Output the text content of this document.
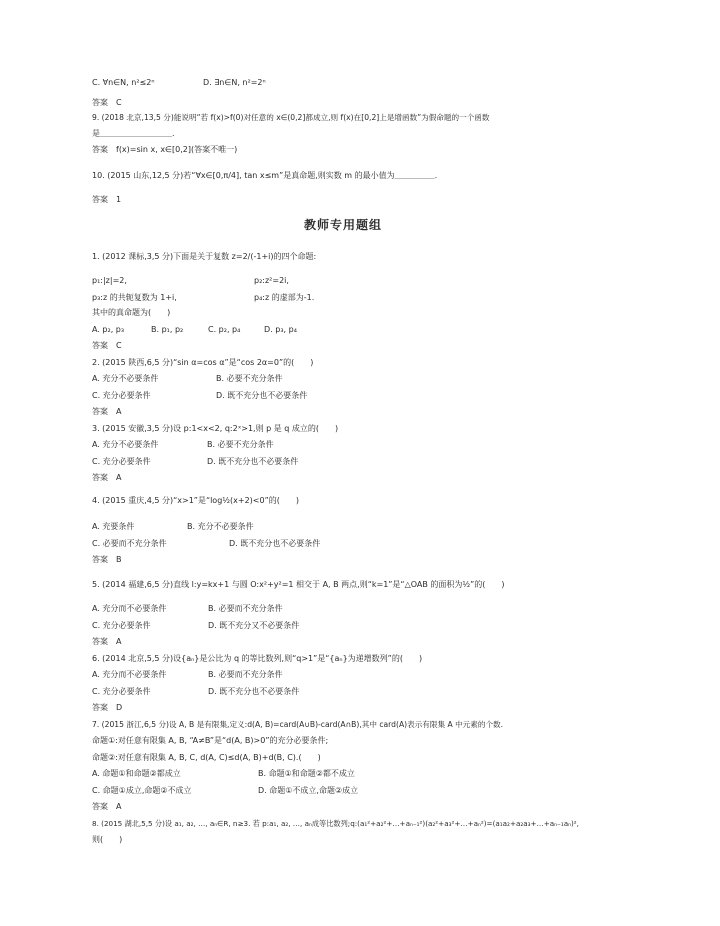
C. ∀n∈N, n²≤2ⁿ	D. ∃n∈N, n²=2ⁿ
答案　C
9. (2018 北京,13,5 分)能说明“若 f(x)>f(0)对任意的 x∈(0,2]都成立,则 f(x)在[0,2]上是增函数”为假命题的一个函数
是＿＿＿＿＿＿＿＿＿.
答案　f(x)=sin x, x∈[0,2](答案不唯一)
10. (2015 山东,12,5 分)若“∀x∈[0,π/4], tan x≤m”是真命题,则实数 m 的最小值为＿＿＿＿＿.
答案　1
教师专用题组
1. (2012 课标,3,5 分)下面是关于复数 z=2/(-1+i)的四个命题:
p₁:|z|=2,	p₂:z²=2i,
p₃:z 的共轭复数为 1+i,	p₄:z 的虚部为-1.
其中的真命题为(　　)
A. p₂, p₃	B. p₁, p₂	C. p₂, p₄	D. p₃, p₄
答案　C
2. (2015 陕西,6,5 分)“sin α=cos α”是“cos 2α=0”的(　　)
A. 充分不必要条件	B. 必要不充分条件
C. 充分必要条件	D. 既不充分也不必要条件
答案　A
3. (2015 安徽,3,5 分)设 p:1<x<2, q:2ˣ>1,则 p 是 q 成立的(　　)
A. 充分不必要条件	B. 必要不充分条件
C. 充分必要条件	D. 既不充分也不必要条件
答案　A
4. (2015 重庆,4,5 分)“x>1”是“log½(x+2)<0”的(　　)
A. 充要条件	B. 充分不必要条件
C. 必要而不充分条件	D. 既不充分也不必要条件
答案　B
5. (2014 福建,6,5 分)直线 l:y=kx+1 与圆 O:x²+y²=1 相交于 A, B 两点,则“k=1”是“△OAB 的面积为½”的(　　)
A. 充分而不必要条件	B. 必要而不充分条件
C. 充分必要条件	D. 既不充分又不必要条件
答案　A
6. (2014 北京,5,5 分)设{aₙ}是公比为 q 的等比数列,则“q>1”是“{aₙ}为递增数列”的(　　)
A. 充分而不必要条件	B. 必要而不充分条件
C. 充分必要条件	D. 既不充分也不必要条件
答案　D
7. (2015 浙江,6,5 分)设 A, B 是有限集,定义:d(A, B)=card(A∪B)-card(A∩B),其中 card(A)表示有限集 A 中元素的个数.
命题①:对任意有限集 A, B, “A≠B”是“d(A, B)>0”的充分必要条件;
命题②:对任意有限集 A, B, C, d(A, C)≤d(A, B)+d(B, C).(　　)
A. 命题①和命题②都成立	B. 命题①和命题②都不成立
C. 命题①成立,命题②不成立	D. 命题①不成立,命题②成立
答案　A
8. (2015 湖北,5,5 分)设 a₁, a₂, …, aₙ∈R, n≥3. 若 p:a₁, a₂, …, aₙ成等比数列;q:(a₁²+a₂²+…+aₙ₋₁²)(a₂²+a₃²+…+aₙ²)=(a₁a₂+a₂a₃+…+aₙ₋₁aₙ)²,
则(　　)
